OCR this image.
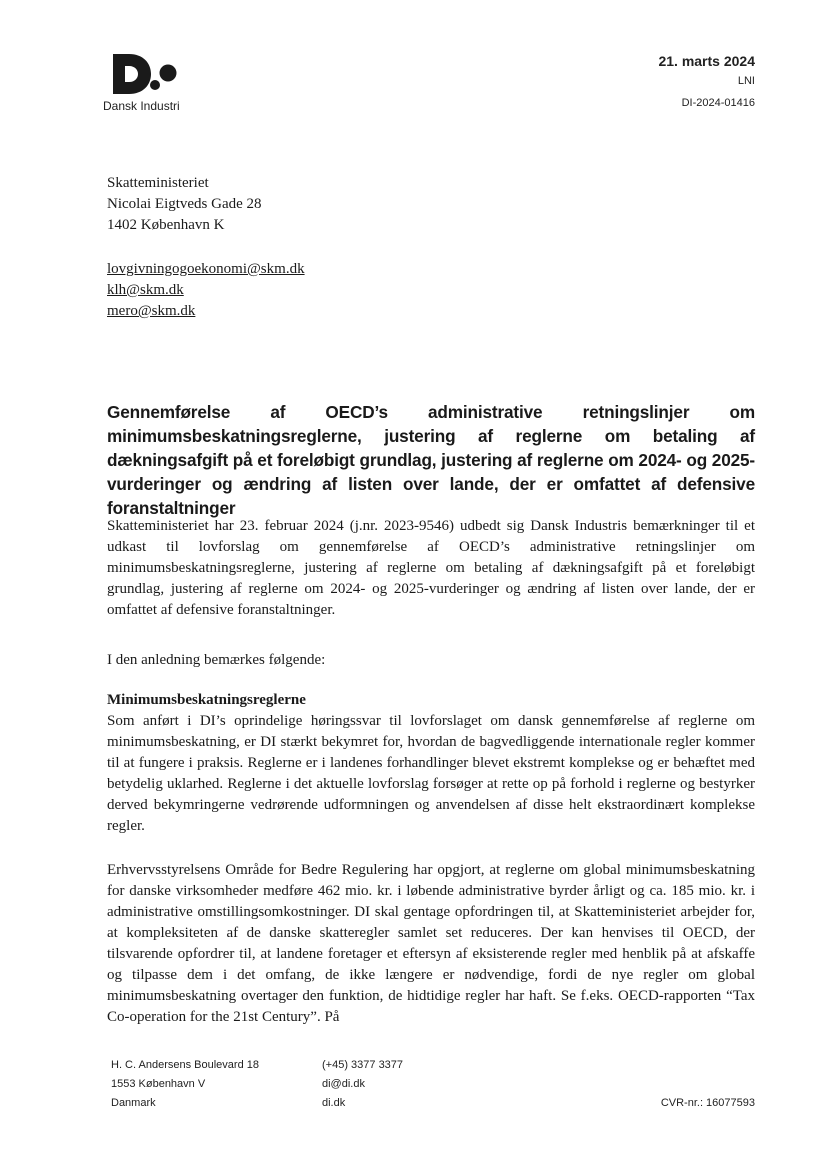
Dansk Industri
21. marts 2024
LNI
DI-2024-01416
Skatteministeriet
Nicolai Eigtveds Gade 28
1402 København K
lovgivningogoekonomi@skm.dk
klh@skm.dk
mero@skm.dk
Gennemførelse af OECD’s administrative retningslinjer om
minimumsbeskatningsreglerne, justering af reglerne om betaling af dækningsafgift på et foreløbigt grundlag, justering af reglerne om 2024- og 2025-vurderinger og ændring af listen over lande, der er omfattet af defensive foranstaltninger
Skatteministeriet har 23. februar 2024 (j.nr. 2023-9546) udbedt sig Dansk Industris bemærkninger til et udkast til lovforslag om gennemførelse af OECD’s administrative retningslinjer om minimumsbeskatningsreglerne, justering af reglerne om betaling af dækningsafgift på et foreløbigt grundlag, justering af reglerne om 2024- og 2025-vurderinger og ændring af listen over lande, der er omfattet af defensive foranstaltninger.
I den anledning bemærkes følgende:
Minimumsbeskatningsreglerne
Som anført i DI’s oprindelige høringssvar til lovforslaget om dansk gennemførelse af reglerne om minimumsbeskatning, er DI stærkt bekymret for, hvordan de bagvedliggende internationale regler kommer til at fungere i praksis. Reglerne er i landenes forhandlinger blevet ekstremt komplekse og er behæftet med betydelig uklarhed. Reglerne i det aktuelle lovforslag forsøger at rette op på forhold i reglerne og bestyrker derved bekymringerne vedrørende udformningen og anvendelsen af disse helt ekstraordinært komplekse regler.
Erhvervsstyrelsens Område for Bedre Regulering har opgjort, at reglerne om global minimumsbeskatning for danske virksomheder medføre 462 mio. kr. i løbende administrative byrder årligt og ca. 185 mio. kr. i administrative omstillingsomkostninger. DI skal gentage opfordringen til, at Skatteministeriet arbejder for, at kompleksiteten af de danske skatteregler samlet set reduceres. Der kan henvises til OECD, der tilsvarende opfordrer til, at landene foretager et eftersyn af eksisterende regler med henblik på at afskaffe og tilpasse dem i det omfang, de ikke længere er nødvendige, fordi de nye regler om global minimumsbeskatning overtager den funktion, de hidtidige regler har haft. Se f.eks. OECD-rapporten “Tax Co-operation for the 21st Century”. På
H. C. Andersens Boulevard 18
1553 København V
Danmark
(+45) 3377 3377
di@di.dk
di.dk	CVR-nr.: 16077593
